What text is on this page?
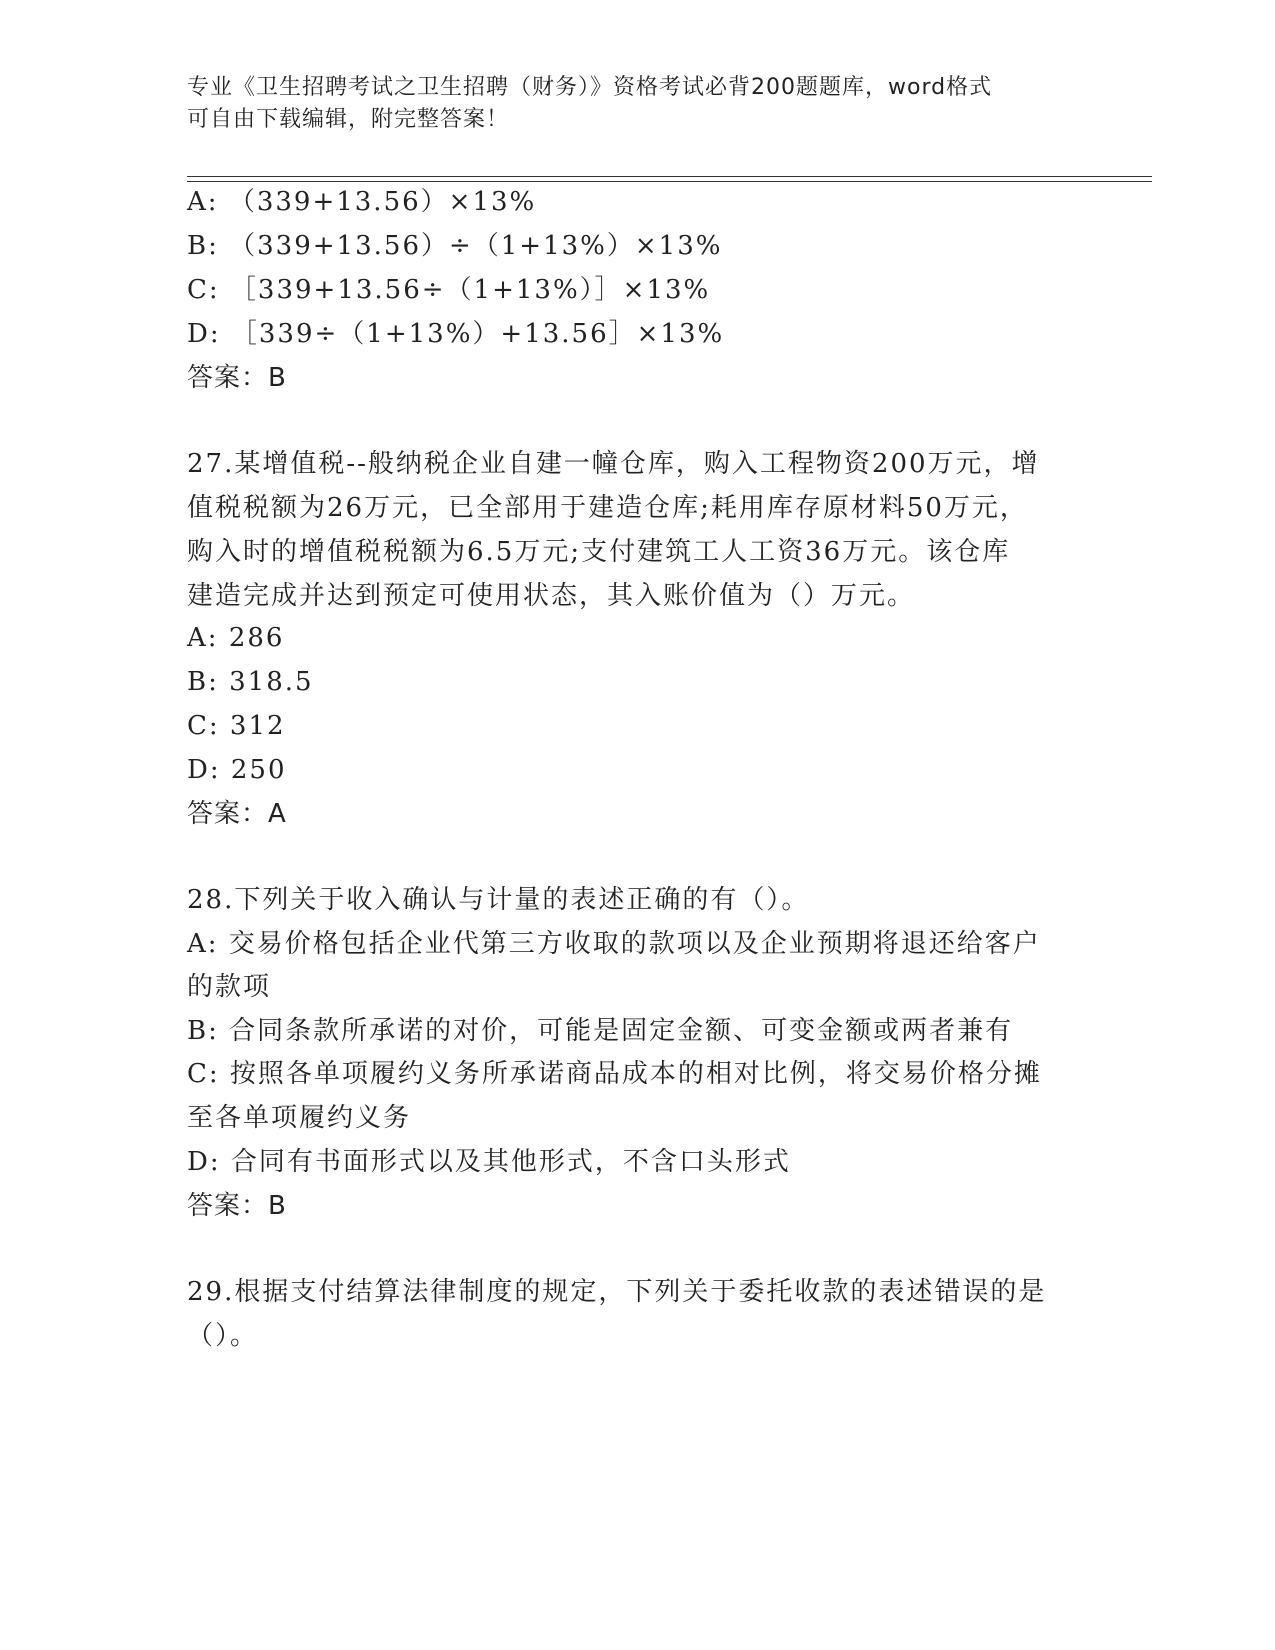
专业《卫生招聘考试之卫生招聘（财务）》资格考试必背200题题库，word格式
可自由下载编辑，附完整答案！
A: （339+13.56）×13%
B: （339+13.56）÷（1+13%）×13%
C: ［339+13.56÷（1+13%）］×13%
D: ［339÷（1+13%）+13.56］×13%
答案：B
27.某增值税--般纳税企业自建一幢仓库，购入工程物资200万元，增
值税税额为26万元，已全部用于建造仓库;耗用库存原材料50万元，
购入时的增值税税额为6.5万元;支付建筑工人工资36万元。该仓库
建造完成并达到预定可使用状态，其入账价值为（）万元。
A: 286
B: 318.5
C: 312
D: 250
答案：A
28.下列关于收入确认与计量的表述正确的有（）。
A: 交易价格包括企业代第三方收取的款项以及企业预期将退还给客户
的款项
B: 合同条款所承诺的对价，可能是固定金额、可变金额或两者兼有
C: 按照各单项履约义务所承诺商品成本的相对比例，将交易价格分摊
至各单项履约义务
D: 合同有书面形式以及其他形式，不含口头形式
答案：B
29.根据支付结算法律制度的规定，下列关于委托收款的表述错误的是
（）。
